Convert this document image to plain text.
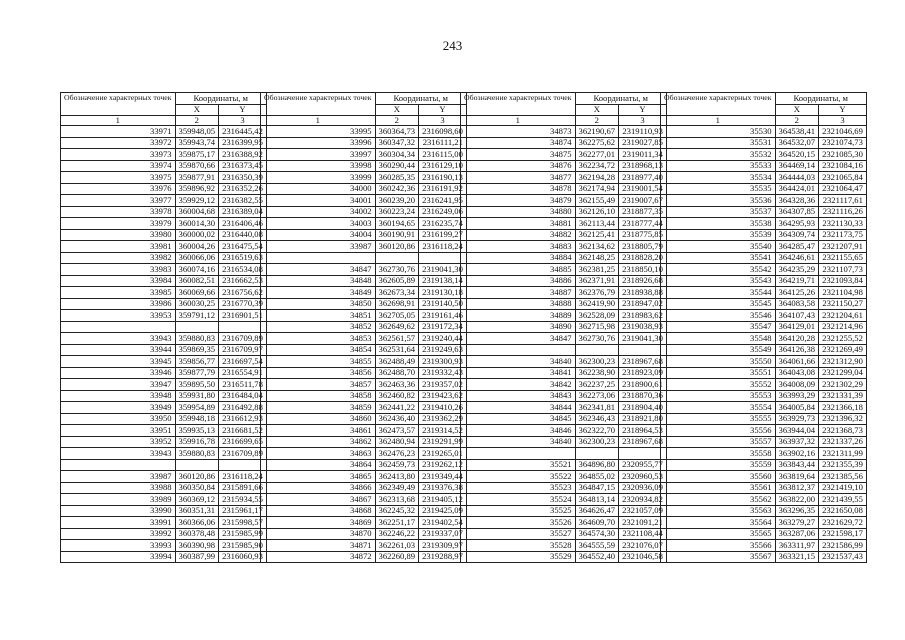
243
Обозначение характерных точек	Координаты, м	
	X	Y
1	2	3
33971	359948,05	2316445,42
33972	359943,74	2316399,95
33973	359875,17	2316388,92
33974	359870,66	2316373,45
33975	359877,91	2316350,39
33976	359896,92	2316352,26
33977	359929,12	2316382,55
33978	360004,68	2316389,04
33979	360014,30	2316406,46
33980	360000,02	2316440,08
33981	360004,26	2316475,54
33982	360066,06	2316519,63
33983	360074,16	2316534,08
33984	360082,51	2316662,53
33985	360069,66	2316756,62
33986	360030,25	2316770,39
33953	359791,12	2316901,51

33943	359880,83	2316709,89
33944	359869,35	2316709,97
33945	359856,77	2316697,54
33946	359877,79	2316554,91
33947	359895,50	2316511,78
33948	359931,80	2316484,04
33949	359954,89	2316492,88
33950	359948,18	2316612,93
33951	359935,13	2316681,52
33952	359916,78	2316699,65
33943	359880,83	2316709,89

33987	360120,86	2316118,24
33988	360350,84	2315891,66
33989	360369,12	2315934,55
33990	360351,31	2315961,17
33991	360366,06	2315998,57
33992	360378,48	2315985,99
33993	360390,98	2315985,90
33994	360387,99	2316060,93
Обозначение характерных точек	Координаты, м	
	X	Y
1	2	3
33995	360364,73	2316098,60
33996	360347,32	2316111,21
33997	360304,34	2316115,00
33998	360290,44	2316129,10
33999	360285,35	2316190,13
34000	360242,36	2316191,92
34001	360239,20	2316241,95
34002	360223,24	2316249,06
34003	360194,65	2316235,74
34004	360190,91	2316199,27
33987	360120,86	2316118,24

34847	362730,76	2319041,30
34848	362605,89	2319138,14
34849	362673,34	2319130,18
34850	362698,91	2319140,50
34851	362705,05	2319161,46
34852	362649,62	2319172,34
34853	362561,57	2319240,44
34854	362531,64	2319249,63
34855	362488,49	2319300,93
34856	362488,70	2319332,43
34857	362463,36	2319357,02
34858	362460,82	2319423,62
34859	362441,22	2319410,26
34860	362436,40	2319362,29
34861	362473,57	2319314,52
34862	362480,94	2319291,99
34863	362476,23	2319265,01
34864	362459,73	2319262,12
34865	362413,80	2319349,44
34866	362349,49	2319376,38
34867	362313,68	2319405,12
34868	362245,32	2319425,09
34869	362251,17	2319402,54
34870	362246,22	2319337,07
34871	362261,03	2319309,97
34872	362260,89	2319288,97
Обозначение характерных точек	Координаты, м	
	X	Y
1	2	3
34873	362190,67	2319110,93
34874	362275,62	2319027,85
34875	362277,01	2319011,34
34876	362234,72	2318968,13
34877	362194,28	2318977,40
34878	362174,94	2319001,54
34879	362155,49	2319007,67
34880	362126,10	2318877,35
34881	362113,44	2318777,44
34882	362125,41	2318775,85
34883	362134,62	2318805,79
34884	362148,25	2318828,20
34885	362381,25	2318850,10
34886	362371,91	2318926,68
34887	362376,79	2318938,88
34888	362419,90	2318947,02
34889	362528,09	2318983,62
34890	362715,98	2319038,93
34847	362730,76	2319041,30

34840	362300,23	2318967,68
34841	362238,90	2318923,09
34842	362237,25	2318900,61
34843	362273,06	2318870,36
34844	362341,81	2318904,40
34845	362346,43	2318921,80
34846	362322,70	2318964,53
34840	362300,23	2318967,68

35521	364896,80	2320955,77
35522	364855,02	2320960,53
35523	364847,15	2320936,09
35524	364813,14	2320934,82
35525	364626,47	2321057,09
35526	364609,70	2321091,21
35527	364574,30	2321108,44
35528	364555,59	2321076,07
35529	364552,40	2321046,58
Обозначение характерных точек	Координаты, м	
	X	Y
1	2	3
35530	364538,41	2321046,69
35531	364532,07	2321074,73
35532	364520,15	2321085,30
35533	364469,14	2321084,16
35534	364444,03	2321065,84
35535	364424,01	2321064,47
35536	364328,36	2321117,61
35537	364307,85	2321116,26
35538	364295,93	2321130,33
35539	364309,74	2321173,75
35540	364285,47	2321207,91
35541	364246,61	2321155,65
35542	364235,29	2321107,73
35543	364219,71	2321093,84
35544	364125,26	2321104,98
35545	364083,58	2321150,27
35546	364107,43	2321204,61
35547	364129,01	2321214,96
35548	364120,28	2321255,52
35549	364126,38	2321269,49
35550	364061,66	2321312,90
35551	364043,08	2321299,04
35552	364008,09	2321302,29
35553	363993,29	2321331,39
35554	364005,84	2321366,18
35555	363929,73	2321396,32
35556	363944,04	2321368,73
35557	363937,32	2321337,26
35558	363902,16	2321311,99
35559	363843,44	2321355,39
35560	363819,64	2321385,56
35561	363812,37	2321419,10
35562	363822,00	2321439,55
35563	363296,35	2321650,08
35564	363279,27	2321629,72
35565	363287,06	2321598,17
35566	363311,97	2321586,99
35567	363321,15	2321537,43
